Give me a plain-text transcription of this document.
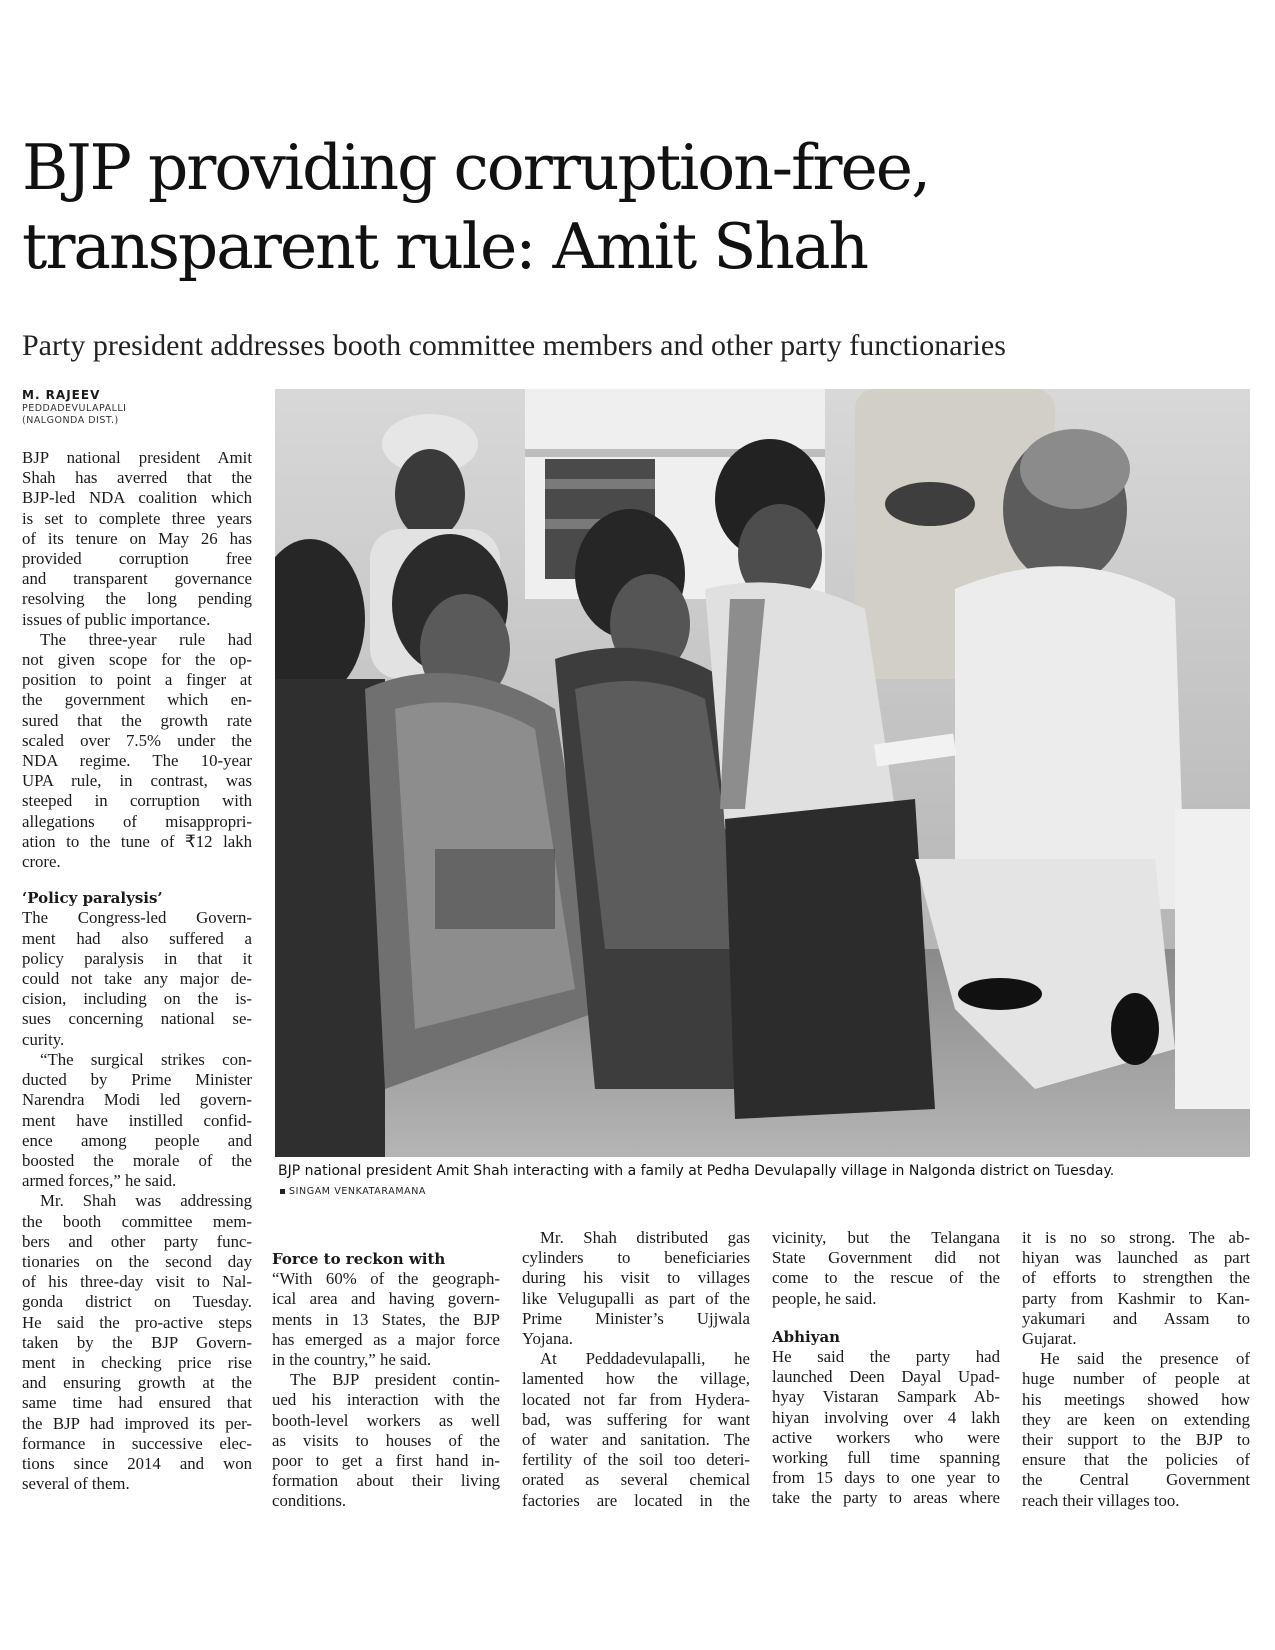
BJP providing corruption-free,
transparent rule: Amit Shah
Party president addresses booth committee members and other party functionaries
M. RAJEEV
PEDDADEVULAPALLI
(NALGONDA DIST.)

BJP national president Amit
Shah has averred that the
BJP-led NDA coalition which
is set to complete three years
of its tenure on May 26 has
provided corruption free
and transparent governance
resolving the long pending
issues of public importance.

The three-year rule had
not given scope for the op-
position to point a finger at
the government which en-
sured that the growth rate
scaled over 7.5% under the
NDA regime. The 10-year
UPA rule, in contrast, was
steeped in corruption with
allegations of misappropri-
ation to the tune of ₹12 lakh
crore.

‘Policy paralysis’

The Congress-led Govern-
ment had also suffered a
policy paralysis in that it
could not take any major de-
cision, including on the is-
sues concerning national se-
curity.

“The surgical strikes con-
ducted by Prime Minister
Narendra Modi led govern-
ment have instilled confid-
ence among people and
boosted the morale of the
armed forces,” he said.

Mr. Shah was addressing
the booth committee mem-
bers and other party func-
tionaries on the second day
of his three-day visit to Nal-
gonda district on Tuesday.
He said the pro-active steps
taken by the BJP Govern-
ment in checking price rise
and ensuring growth at the
same time had ensured that
the BJP had improved its per-
formance in successive elec-
tions since 2014 and won
several of them.

BJP national president Amit Shah interacting with a family at Pedha Devulapally village in Nalgonda district on Tuesday.
SINGAM VENKATARAMANA
Force to reckon with

“With 60% of the geograph-
ical area and having govern-
ments in 13 States, the BJP
has emerged as a major force
in the country,” he said.

The BJP president contin-
ued his interaction with the
booth-level workers as well
as visits to houses of the
poor to get a first hand in-
formation about their living
conditions.

Mr. Shah distributed gas
cylinders to beneficiaries
during his visit to villages
like Velugupalli as part of the
Prime Minister’s Ujjwala
Yojana.

At Peddadevulapalli, he
lamented how the village,
located not far from Hydera-
bad, was suffering for want
of water and sanitation. The
fertility of the soil too deteri-
orated as several chemical
factories are located in the

vicinity, but the Telangana
State Government did not
come to the rescue of the
people, he said.

Abhiyan

He said the party had
launched Deen Dayal Upad-
hyay Vistaran Sampark Ab-
hiyan involving over 4 lakh
active workers who were
working full time spanning
from 15 days to one year to
take the party to areas where

it is no so strong. The ab-
hiyan was launched as part
of efforts to strengthen the
party from Kashmir to Kan-
yakumari and Assam to
Gujarat.

He said the presence of
huge number of people at
his meetings showed how
they are keen on extending
their support to the BJP to
ensure that the policies of
the Central Government
reach their villages too.
